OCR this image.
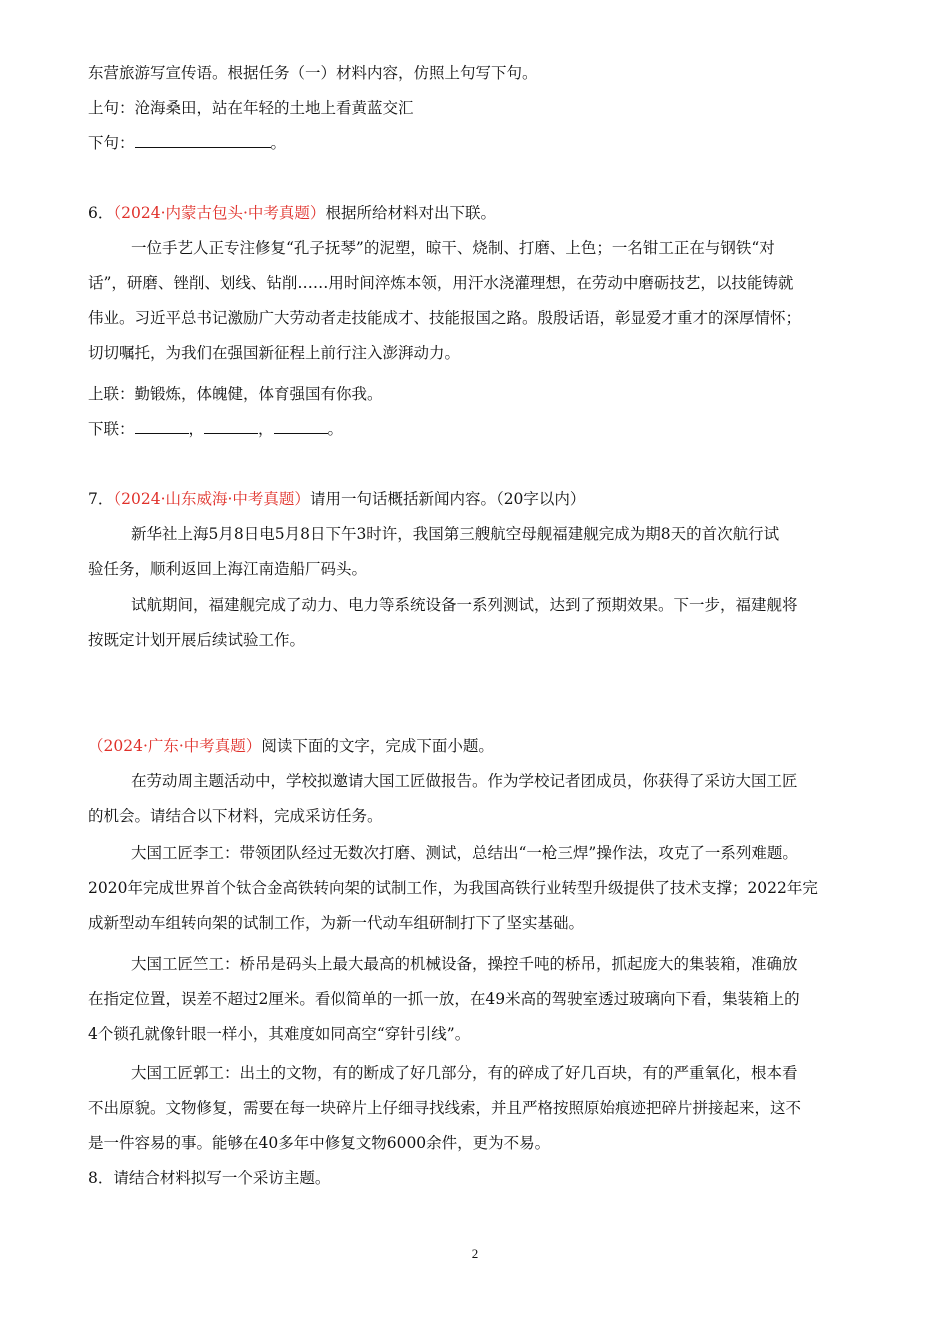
东营旅游写宣传语。根据任务（一）材料内容，仿照上句写下句。
上句：沧海桑田，站在年轻的土地上看黄蓝交汇
下句：	。
6．（2024·内蒙古包头·中考真题）根据所给材料对出下联。
一位手艺人正专注修复“孔子抚琴”的泥塑，晾干、烧制、打磨、上色；一名钳工正在与钢铁“对
话”，研磨、锉削、划线、钻削……用时间淬炼本领，用汗水浇灌理想，在劳动中磨砺技艺，以技能铸就
伟业。习近平总书记激励广大劳动者走技能成才、技能报国之路。殷殷话语，彰显爱才重才的深厚情怀；
切切嘱托，为我们在强国新征程上前行注入澎湃动力。
上联：勤锻炼，体魄健，体育强国有你我。
下联：	，	，	。
7．（2024·山东威海·中考真题）请用一句话概括新闻内容。（20字以内）
新华社上海5月8日电5月8日下午3时许，我国第三艘航空母舰福建舰完成为期8天的首次航行试
验任务，顺利返回上海江南造船厂码头。
试航期间，福建舰完成了动力、电力等系统设备一系列测试，达到了预期效果。下一步，福建舰将
按既定计划开展后续试验工作。
（2024·广东·中考真题）阅读下面的文字，完成下面小题。
在劳动周主题活动中，学校拟邀请大国工匠做报告。作为学校记者团成员，你获得了采访大国工匠
的机会。请结合以下材料，完成采访任务。
大国工匠李工：带领团队经过无数次打磨、测试，总结出“一枪三焊”操作法，攻克了一系列难题。
2020年完成世界首个钛合金高铁转向架的试制工作，为我国高铁行业转型升级提供了技术支撑；2022年完
成新型动车组转向架的试制工作，为新一代动车组研制打下了坚实基础。
大国工匠竺工：桥吊是码头上最大最高的机械设备，操控千吨的桥吊，抓起庞大的集装箱，准确放
在指定位置，误差不超过2厘米。看似简单的一抓一放，在49米高的驾驶室透过玻璃向下看，集装箱上的
4个锁孔就像针眼一样小，其难度如同高空“穿针引线”。
大国工匠郭工：出土的文物，有的断成了好几部分，有的碎成了好几百块，有的严重氧化，根本看
不出原貌。文物修复，需要在每一块碎片上仔细寻找线索，并且严格按照原始痕迹把碎片拼接起来，这不
是一件容易的事。能够在40多年中修复文物6000余件，更为不易。
8．请结合材料拟写一个采访主题。
2
